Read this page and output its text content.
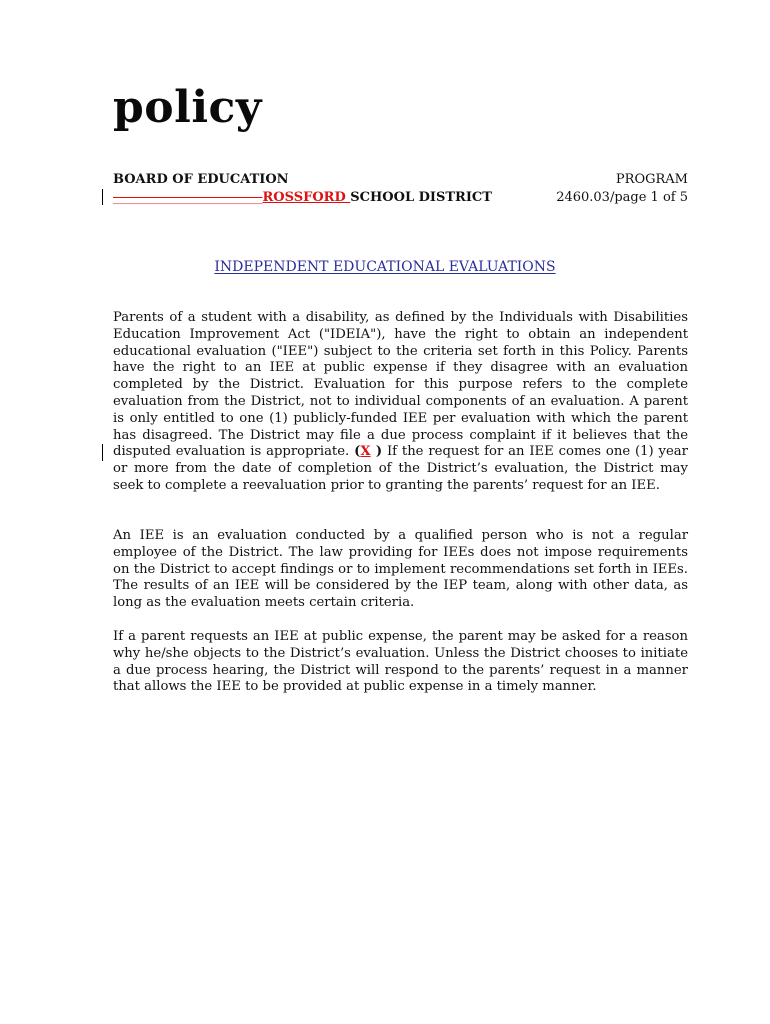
policy
BOARD OF EDUCATION
_______________________ROSSFORD SCHOOL DISTRICT
PROGRAM
2460.03/page 1 of 5
INDEPENDENT EDUCATIONAL EVALUATIONS
Parents of a student with a disability, as defined by the Individuals with Disabilities Education Improvement Act ("IDEIA"), have the right to obtain an independent educational evaluation ("IEE") subject to the criteria set forth in this Policy. Parents have the right to an IEE at public expense if they disagree with an evaluation completed by the District. Evaluation for this purpose refers to the complete evaluation from the District, not to individual components of an evaluation. A parent is only entitled to one (1) publicly-funded IEE per evaluation with which the parent has disagreed. The District may file a due process complaint if it believes that the disputed evaluation is appropriate. (X ) If the request for an IEE comes one (1) year or more from the date of completion of the District’s evaluation, the District may seek to complete a reevaluation prior to granting the parents’ request for an IEE.
An IEE is an evaluation conducted by a qualified person who is not a regular employee of the District. The law providing for IEEs does not impose requirements on the District to accept findings or to implement recommendations set forth in IEEs. The results of an IEE will be considered by the IEP team, along with other data, as long as the evaluation meets certain criteria.
If a parent requests an IEE at public expense, the parent may be asked for a reason why he/she objects to the District’s evaluation. Unless the District chooses to initiate a due process hearing, the District will respond to the parents’ request in a manner that allows the IEE to be provided at public expense in a timely manner.
